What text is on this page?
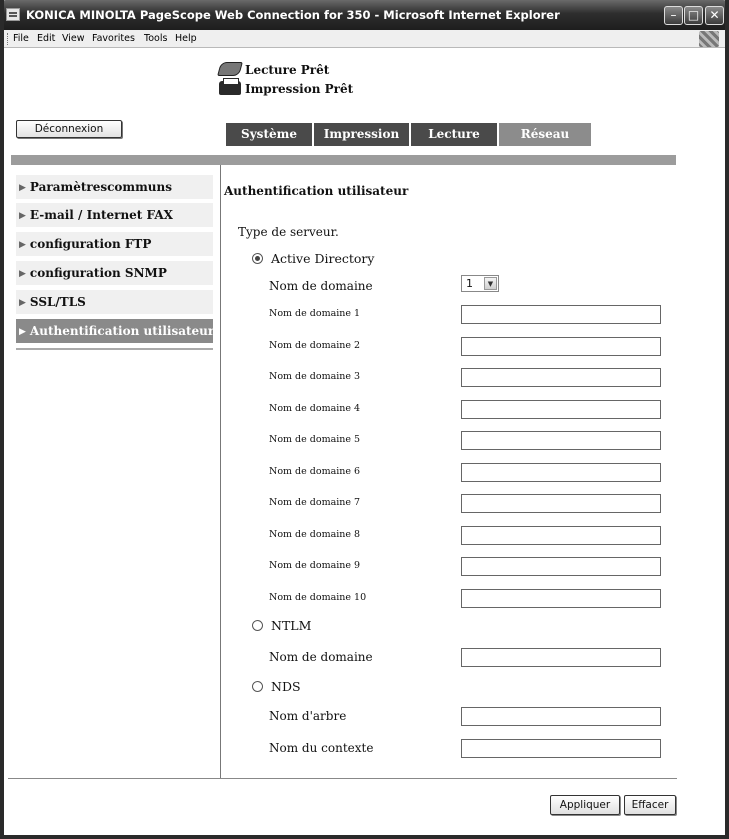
KONICA MINOLTA PageScope Web Connection for 350 - Microsoft Internet Explorer	– □ ✕
File Edit View Favorites Tools Help
Lecture Prêt
Impression Prêt
Déconnexion	Système	Impression	Lecture	Réseau
▶ Paramètrescommuns
▶ E-mail / Internet FAX
▶ configuration FTP
▶ configuration SNMP
▶ SSL/TLS
▶ Authentification utilisateur
Authentification utilisateur
Type de serveur.
Active Directory
Nom de domaine	1	▼
Nom de domaine 1
Nom de domaine 2
Nom de domaine 3
Nom de domaine 4
Nom de domaine 5
Nom de domaine 6
Nom de domaine 7
Nom de domaine 8
Nom de domaine 9
Nom de domaine 10
NTLM
Nom de domaine
NDS
Nom d'arbre
Nom du contexte
Appliquer	Effacer
